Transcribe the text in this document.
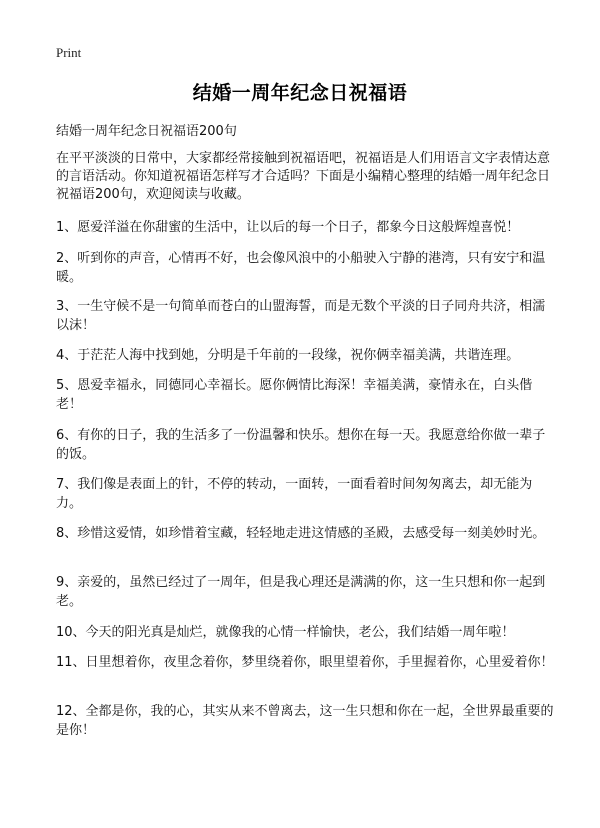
Print
结婚一周年纪念日祝福语
结婚一周年纪念日祝福语200句

在平平淡淡的日常中，大家都经常接触到祝福语吧，祝福语是人们用语言文字表情达意的言语活动。你知道祝福语怎样写才合适吗？下面是小编精心整理的结婚一周年纪念日祝福语200句，欢迎阅读与收藏。

1、愿爱洋溢在你甜蜜的生活中，让以后的每一个日子，都象今日这般辉煌喜悦！

2、听到你的声音，心情再不好，也会像风浪中的小船驶入宁静的港湾，只有安宁和温暖。

3、一生守候不是一句简单而苍白的山盟海誓，而是无数个平淡的日子同舟共济，相濡以沫！

4、于茫茫人海中找到她，分明是千年前的一段缘，祝你俩幸福美满，共谐连理。

5、恩爱幸福永，同德同心幸福长。愿你俩情比海深！幸福美满，豪情永在，白头偕老！

6、有你的日子，我的生活多了一份温馨和快乐。想你在每一天。我愿意给你做一辈子的饭。

7、我们像是表面上的针，不停的转动，一面转，一面看着时间匆匆离去，却无能为力。

8、珍惜这爱情，如珍惜着宝藏，轻轻地走进这情感的圣殿，去感受每一刻美妙时光。

9、亲爱的，虽然已经过了一周年，但是我心理还是满满的你，这一生只想和你一起到老。

10、今天的阳光真是灿烂，就像我的心情一样愉快，老公，我们结婚一周年啦！

11、日里想着你，夜里念着你，梦里绕着你，眼里望着你，手里握着你，心里爱着你！

12、全都是你，我的心，其实从来不曾离去，这一生只想和你在一起，全世界最重要的是你！
